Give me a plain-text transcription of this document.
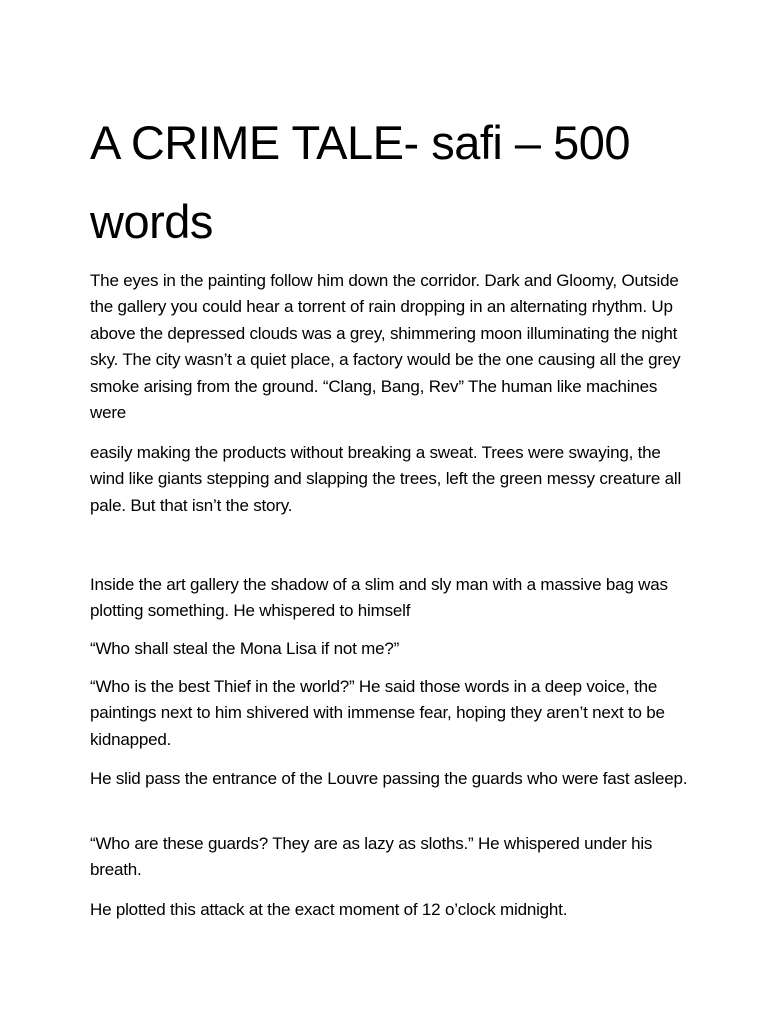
A CRIME TALE- safi – 500 words

The eyes in the painting follow him down the corridor. Dark and Gloomy, Outside the gallery you could hear a torrent of rain dropping in an alternating rhythm. Up above the depressed clouds was a grey, shimmering moon illuminating the night sky. The city wasn’t a quiet place, a factory would be the one causing all the grey smoke arising from the ground. “Clang, Bang, Rev” The human like machines were

easily making the products without breaking a sweat. Trees were swaying, the wind like giants stepping and slapping the trees, left the green messy creature all pale. But that isn’t the story.

Inside the art gallery the shadow of a slim and sly man with a massive bag was plotting something. He whispered to himself

“Who shall steal the Mona Lisa if not me?”

“Who is the best Thief in the world?” He said those words in a deep voice, the paintings next to him shivered with immense fear, hoping they aren’t next to be kidnapped.

He slid pass the entrance of the Louvre passing the guards who were fast asleep.

“Who are these guards? They are as lazy as sloths.” He whispered under his breath.

He plotted this attack at the exact moment of 12 o’clock midnight.
